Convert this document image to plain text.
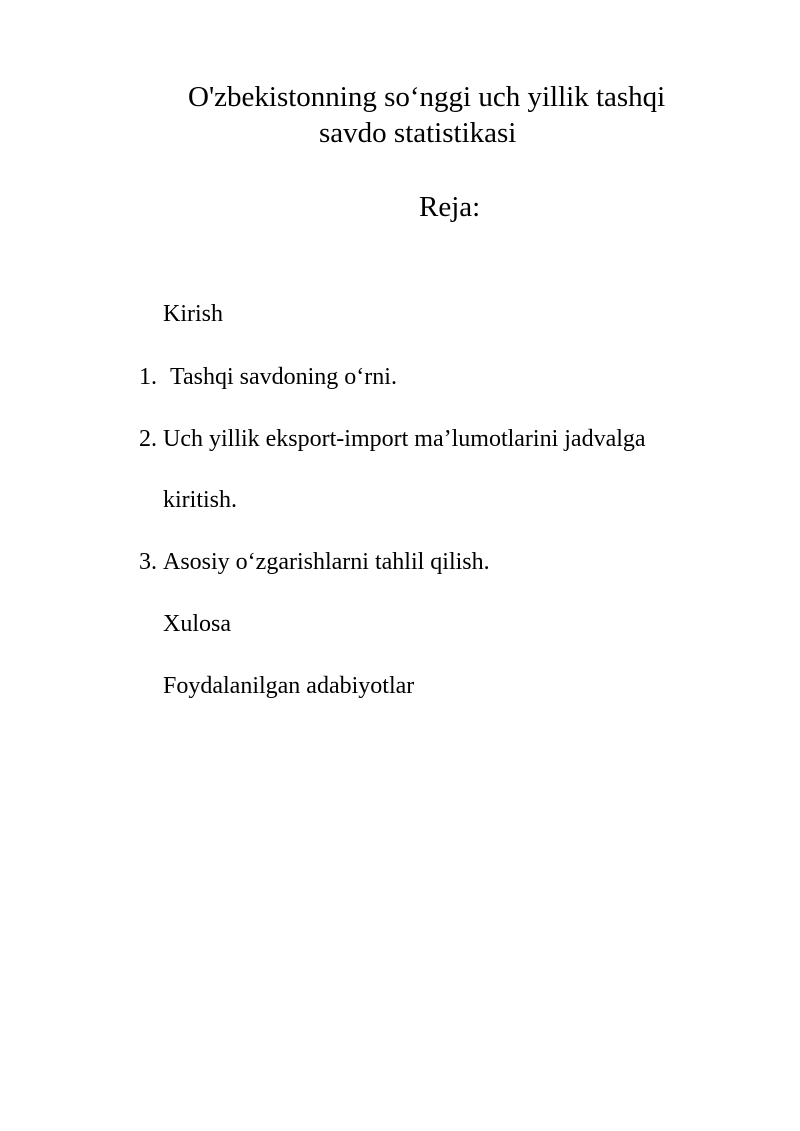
O'zbekistonning so‘nggi uch yillik tashqi
savdo statistikasi
Reja:
Kirish
1. Tashqi savdoning o‘rni.
2. Uch yillik eksport-import ma’lumotlarini jadvalga
kiritish.
3. Asosiy o‘zgarishlarni tahlil qilish.
Xulosa
Foydalanilgan adabiyotlar
